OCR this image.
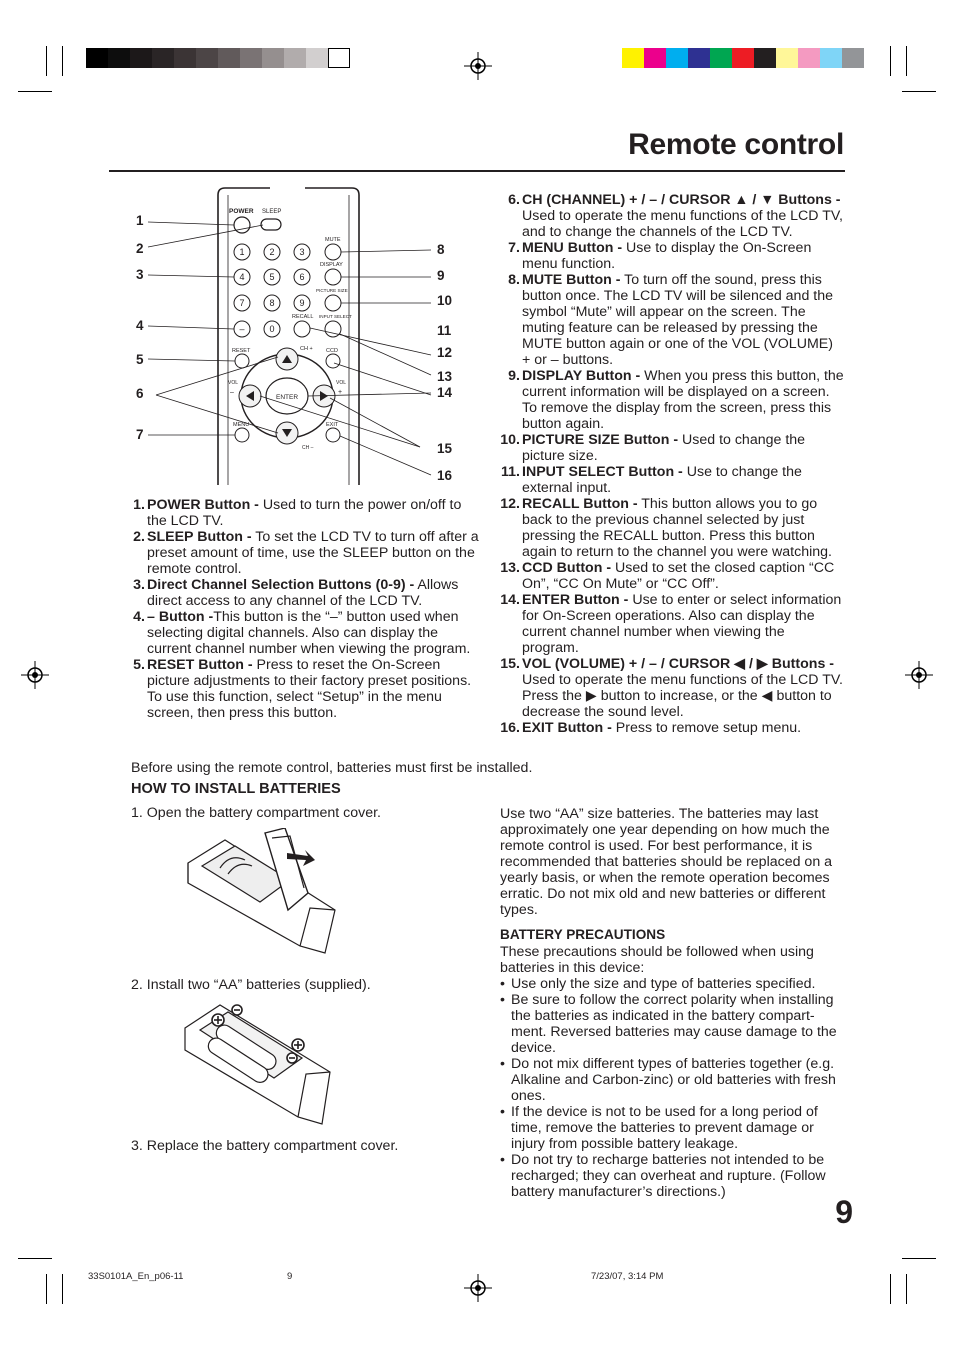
Remote control
POWER SLEEP
MUTE
DISPLAY
PICTURE SIZE
RECALL INPUT SELECT
1	2	3
4	5	6
7	8	9
–	0
RESET	CH + CCD
ENTER
VOL
–
VOL
+
CH –
MENU	EXIT
1
2
3
4
5
6
7
8
9
10
11
12
13
14
15
16
1. POWER Button - Used to turn the power on/off to the LCD TV.
2. SLEEP Button - To set the LCD TV to turn off after a preset amount of time, use the SLEEP button on the remote control.
3. Direct Channel Selection Buttons (0-9) - Allows direct access to any channel of the LCD TV.
4. – Button -This button is the “–” button used when selecting digital channels. Also can display the current channel number when viewing the program.
5. RESET Button - Press to reset the On-Screen picture adjustments to their factory preset positions. To use this function, select “Setup” in the menu screen, then press this button.
6. CH (CHANNEL) + / – / CURSOR ▲ / ▼ Buttons - Used to operate the menu functions of the LCD TV, and to change the channels of the LCD TV.
7. MENU Button - Use to display the On-Screen menu function.
8. MUTE Button - To turn off the sound, press this button once. The LCD TV will be silenced and the symbol “Mute” will appear on the screen. The muting feature can be released by pressing the MUTE button again or one of the VOL (VOLUME) + or – buttons.
9. DISPLAY Button - When you press this button, the current information will be displayed on a screen. To remove the display from the screen, press this button again.
10. PICTURE SIZE Button - Used to change the picture size.
11. INPUT SELECT Button - Use to change the external input.
12. RECALL Button - This button allows you to go back to the previous channel selected by just pressing the RECALL button. Press this button again to return to the channel you were watching.
13. CCD Button - Used to set the closed caption “CC On”, “CC On Mute” or “CC Off”.
14. ENTER Button - Use to enter or select information for On-Screen operations. Also can display the current channel number when viewing the program.
15. VOL (VOLUME) + / – / CURSOR ◀ / ▶ Buttons - Used to operate the menu functions of the LCD TV. Press the ▶ button to increase, or the ◀ button to decrease the sound level.
16. EXIT Button - Press to remove setup menu.
Before using the remote control, batteries must first be installed.
HOW TO INSTALL BATTERIES
1. Open the battery compartment cover.
2. Install two “AA” batteries (supplied).
3. Replace the battery compartment cover.
Use two “AA” size batteries. The batteries may last approximately one year depending on how much the remote control is used. For best performance, it is recommended that batteries should be replaced on a yearly basis, or when the remote operation becomes erratic. Do not mix old and new batteries or different types.
BATTERY PRECAUTIONS
These precautions should be followed when using batteries in this device:
• Use only the size and type of batteries specified.
• Be sure to follow the correct polarity when installing the batteries as indicated in the battery compart-ment. Reversed batteries may cause damage to the device.
• Do not mix different types of batteries together (e.g. Alkaline and Carbon-zinc) or old batteries with fresh ones.
• If the device is not to be used for a long period of time, remove the batteries to prevent damage or injury from possible battery leakage.
• Do not try to recharge batteries not intended to be recharged; they can overheat and rupture. (Follow battery manufacturer’s directions.)
9
33S0101A_En_p06-11	9	7/23/07, 3:14 PM
